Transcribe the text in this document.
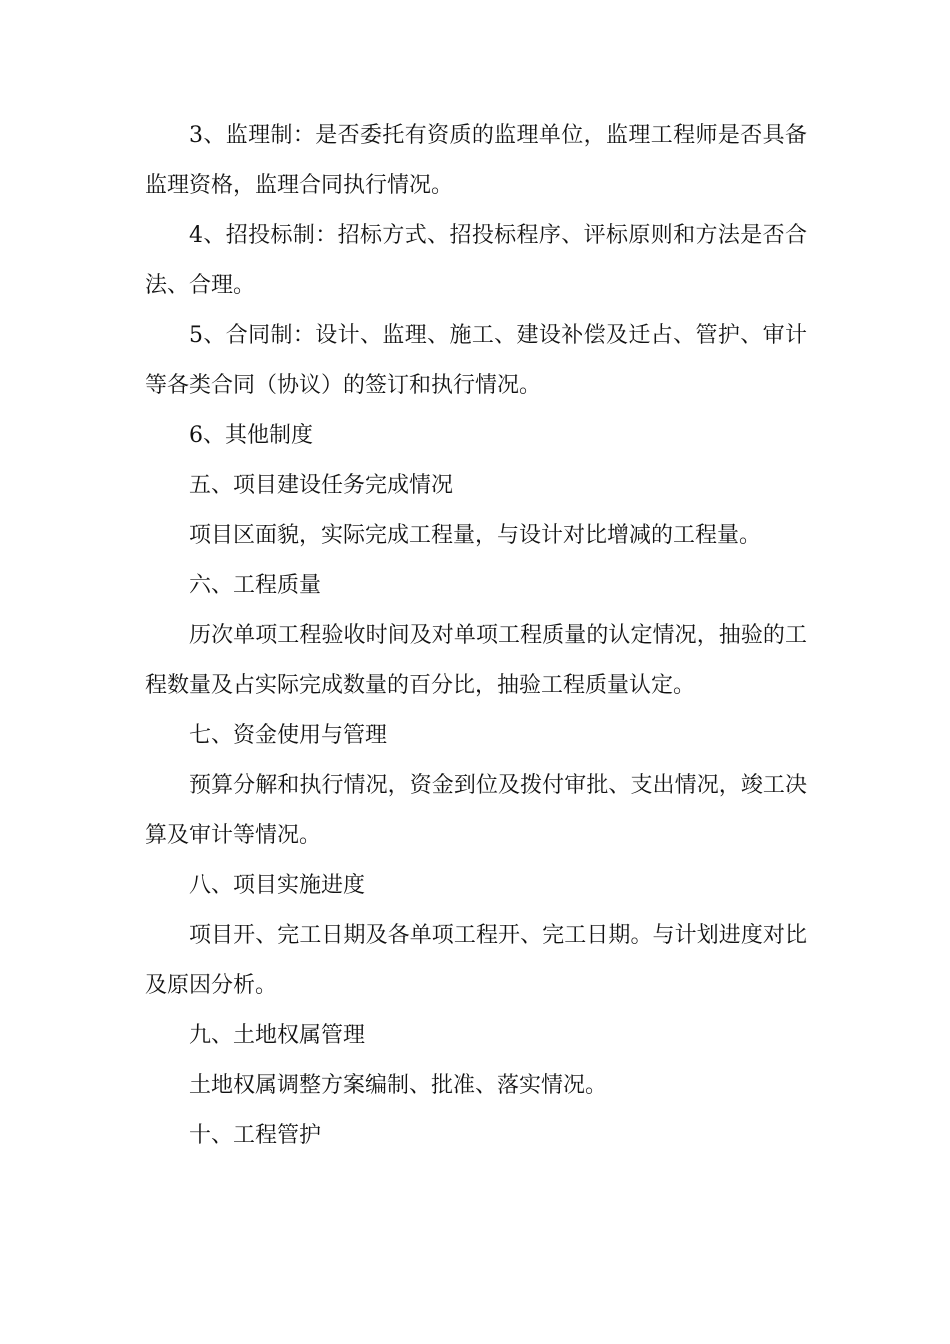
3、监理制：是否委托有资质的监理单位，监理工程师是否具备监理资格，监理合同执行情况。

4、招投标制：招标方式、招投标程序、评标原则和方法是否合法、合理。

5、合同制：设计、监理、施工、建设补偿及迁占、管护、审计等各类合同（协议）的签订和执行情况。

6、其他制度

五、项目建设任务完成情况

项目区面貌，实际完成工程量，与设计对比增减的工程量。

六、工程质量

历次单项工程验收时间及对单项工程质量的认定情况，抽验的工程数量及占实际完成数量的百分比，抽验工程质量认定。

七、资金使用与管理

预算分解和执行情况，资金到位及拨付审批、支出情况，竣工决算及审计等情况。

八、项目实施进度

项目开、完工日期及各单项工程开、完工日期。与计划进度对比及原因分析。

九、土地权属管理

土地权属调整方案编制、批准、落实情况。

十、工程管护
